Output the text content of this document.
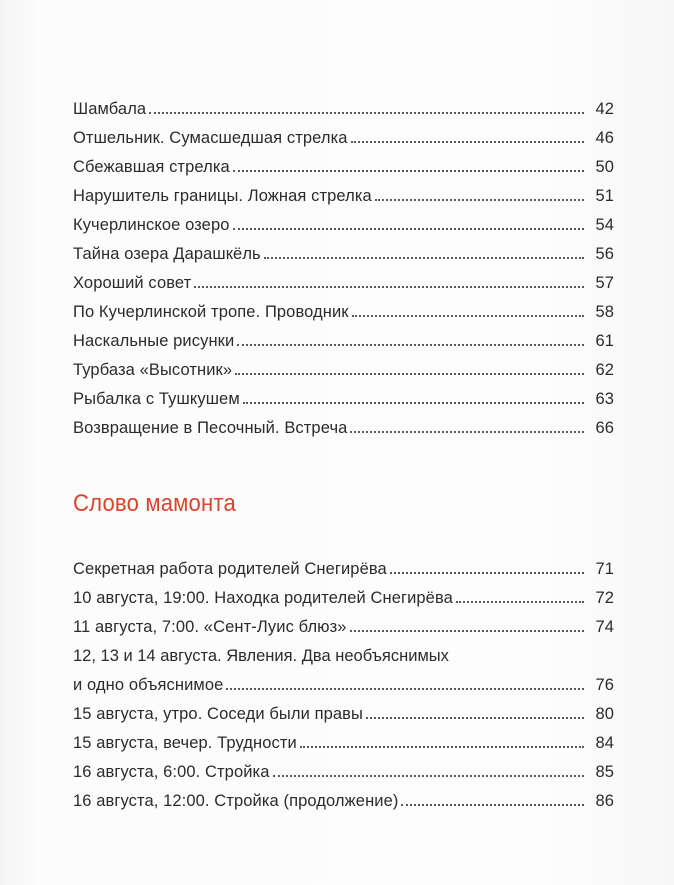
Шамбала	42
Отшельник. Сумасшедшая стрелка	46
Сбежавшая стрелка	50
Нарушитель границы. Ложная стрелка	51
Кучерлинское озеро	54
Тайна озера Дарашкёль	56
Хороший совет	57
По Кучерлинской тропе. Проводник	58
Наскальные рисунки	61
Турбаза «Высотник»	62
Рыбалка с Тушкушем	63
Возвращение в Песочный. Встреча	66
Слово мамонта
Секретная работа родителей Снегирёва	71
10 августа, 19:00. Находка родителей Снегирёва	72
11 августа, 7:00. «Сент-Луис блюз»	74
12, 13 и 14 августа. Явления. Два необъяснимых
и одно объяснимое	76
15 августа, утро. Соседи были правы	80
15 августа, вечер. Трудности	84
16 августа, 6:00. Стройка	85
16 августа, 12:00. Стройка (продолжение)	86
